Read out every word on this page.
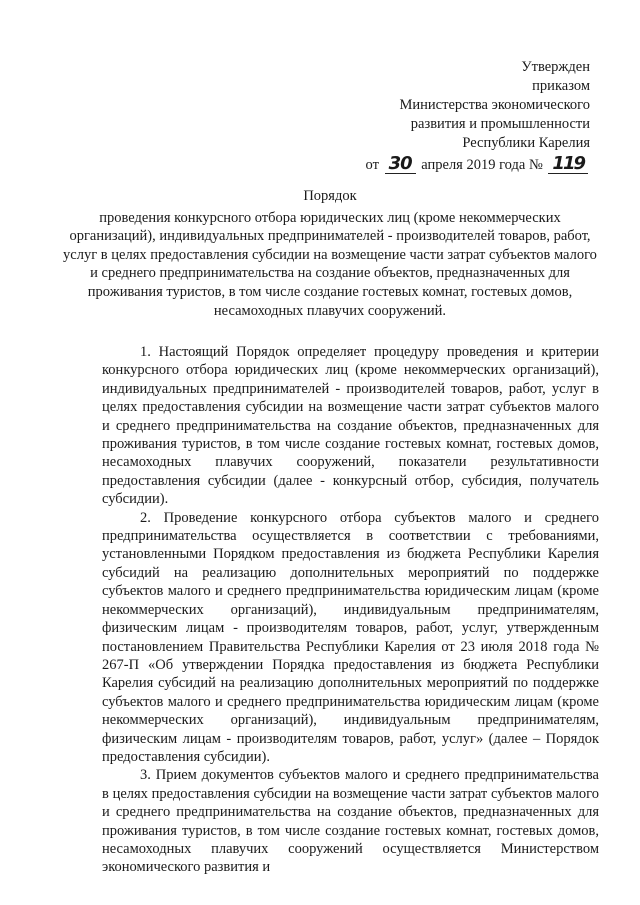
Утвержден
приказом
Министерства экономического
развития и промышленности
Республики Карелия
от 30 апреля 2019 года № 119
Порядок
проведения конкурсного отбора юридических лиц (кроме некоммерческих организаций), индивидуальных предпринимателей - производителей товаров, работ, услуг в целях предоставления субсидии на возмещение части затрат субъектов малого и среднего предпринимательства на создание объектов, предназначенных для проживания туристов, в том числе создание гостевых комнат, гостевых домов, несамоходных плавучих сооружений.

1. Настоящий Порядок определяет процедуру проведения и критерии конкурсного отбора юридических лиц (кроме некоммерческих организаций), индивидуальных предпринимателей - производителей товаров, работ, услуг в целях предоставления субсидии на возмещение части затрат субъектов малого и среднего предпринимательства на создание объектов, предназначенных для проживания туристов, в том числе создание гостевых комнат, гостевых домов, несамоходных плавучих сооружений, показатели результативности предоставления субсидии (далее - конкурсный отбор, субсидия, получатель субсидии).

2. Проведение конкурсного отбора субъектов малого и среднего предпринимательства осуществляется в соответствии с требованиями, установленными Порядком предоставления из бюджета Республики Карелия субсидий на реализацию дополнительных мероприятий по поддержке субъектов малого и среднего предпринимательства юридическим лицам (кроме некоммерческих организаций), индивидуальным предпринимателям, физическим лицам - производителям товаров, работ, услуг, утвержденным постановлением Правительства Республики Карелия от 23 июля 2018 года № 267-П «Об утверждении Порядка предоставления из бюджета Республики Карелия субсидий на реализацию дополнительных мероприятий по поддержке субъектов малого и среднего предпринимательства юридическим лицам (кроме некоммерческих организаций), индивидуальным предпринимателям, физическим лицам - производителям товаров, работ, услуг» (далее – Порядок предоставления субсидии).

3. Прием документов субъектов малого и среднего предпринимательства в целях предоставления субсидии на возмещение части затрат субъектов малого и среднего предпринимательства на создание объектов, предназначенных для проживания туристов, в том числе создание гостевых комнат, гостевых домов, несамоходных плавучих сооружений осуществляется Министерством экономического развития и
